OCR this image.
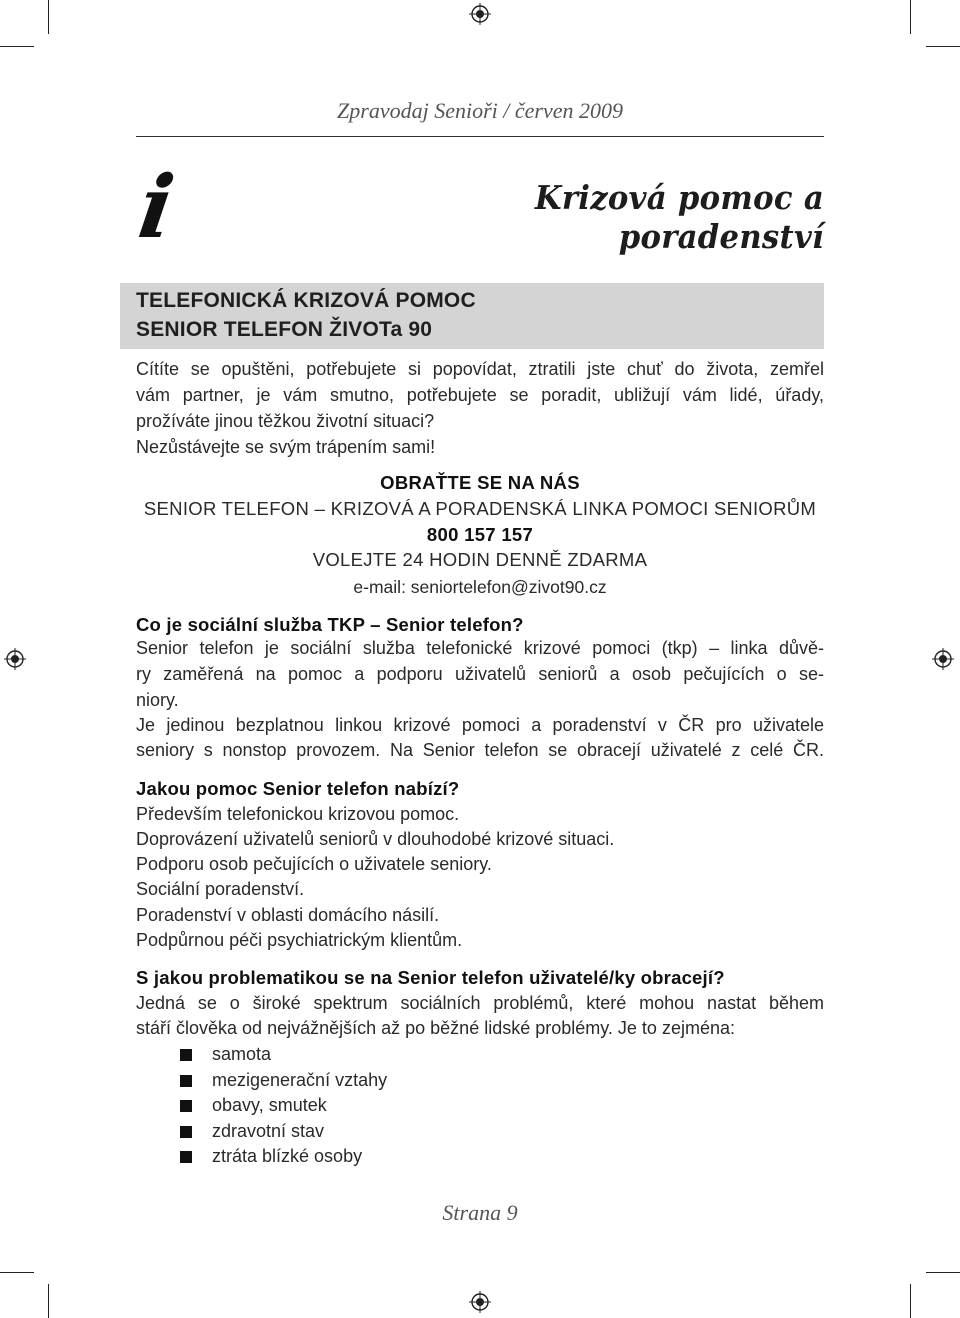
Zpravodaj Senioři / červen 2009
i	Krizová pomoc a poradenství
TELEFONICKÁ KRIZOVÁ POMOC
SENIOR TELEFON ŽIVOTa 90
Cítíte se opuštěni, potřebujete si popovídat, ztratili jste chuť do života, zemřel
vám partner, je vám smutno, potřebujete se poradit, ubližují vám lidé, úřady,
prožíváte jinou těžkou životní situaci?
Nezůstávejte se svým trápením sami!
OBRAŤTE SE NA NÁS
SENIOR TELEFON – KRIZOVÁ A PORADENSKÁ LINKA POMOCI SENIORŮM
800 157 157
VOLEJTE 24 HODIN DENNĚ ZDARMA
e-mail: seniortelefon@zivot90.cz
Co je sociální služba TKP – Senior telefon?
Senior telefon je sociální služba telefonické krizové pomoci (tkp) – linka důvě-
ry zaměřená na pomoc a podporu uživatelů seniorů a osob pečujících o se-
niory.
Je jedinou bezplatnou linkou krizové pomoci a poradenství v ČR pro uživatele
seniory s nonstop provozem. Na Senior telefon se obracejí uživatelé z celé ČR.
Jakou pomoc Senior telefon nabízí?
Především telefonickou krizovou pomoc.
Doprovázení uživatelů seniorů v dlouhodobé krizové situaci.
Podporu osob pečujících o uživatele seniory.
Sociální poradenství.
Poradenství v oblasti domácího násilí.
Podpůrnou péči psychiatrickým klientům.
S jakou problematikou se na Senior telefon uživatelé/ky obracejí?
Jedná se o široké spektrum sociálních problémů, které mohou nastat během
stáří člověka od nejvážnějších až po běžné lidské problémy. Je to zejména:
samota
mezigenerační vztahy
obavy, smutek
zdravotní stav
ztráta blízké osoby
Strana 9
